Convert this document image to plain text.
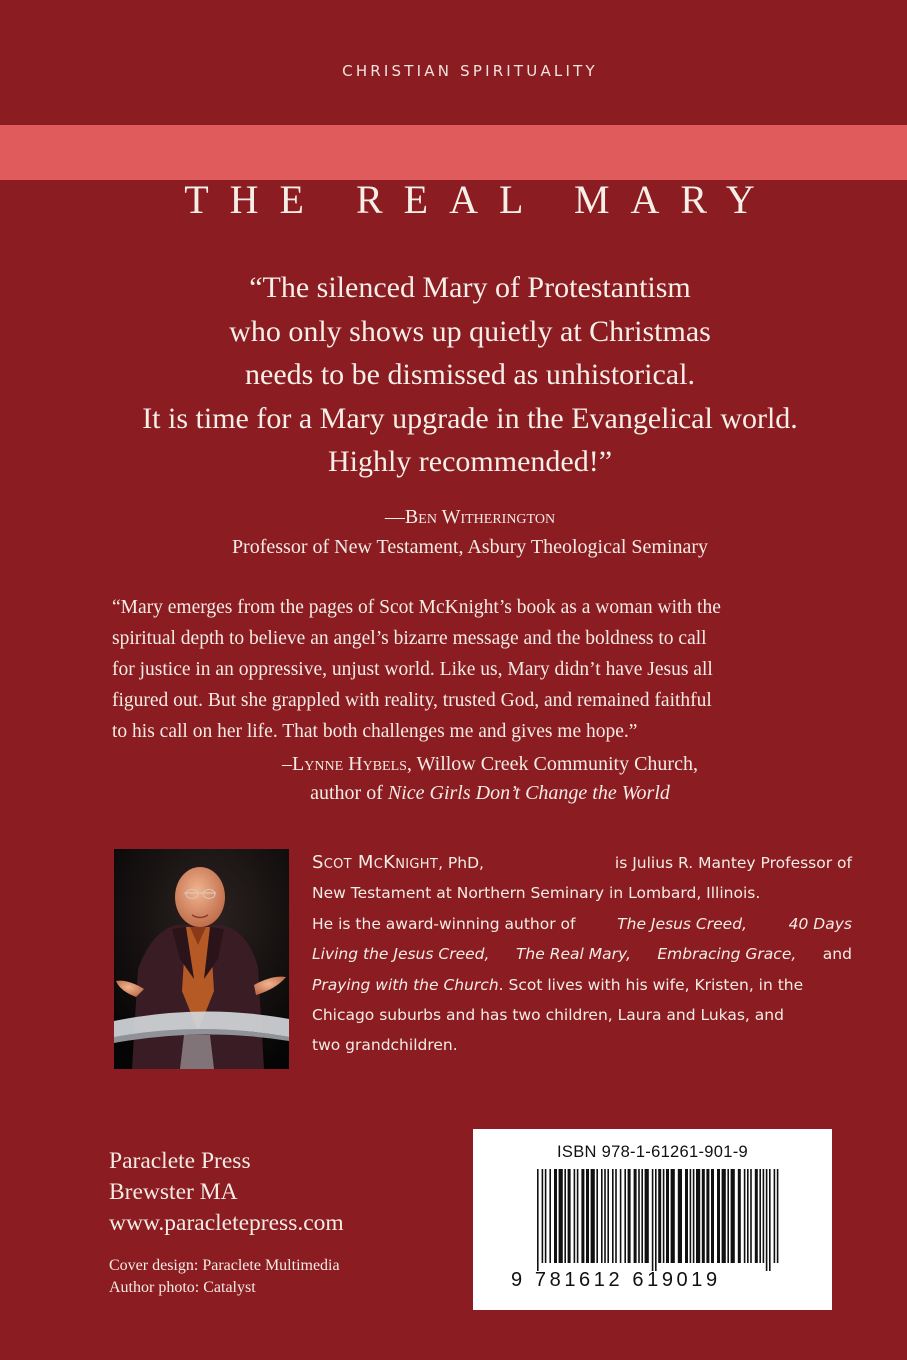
CHRISTIAN SPIRITUALITY
THE REAL MARY
“The silenced Mary of Protestantism
who only shows up quietly at Christmas
needs to be dismissed as unhistorical.
It is time for a Mary upgrade in the Evangelical world.
Highly recommended!”
—Ben Witherington
Professor of New Testament, Asbury Theological Seminary
“Mary emerges from the pages of Scot McKnight’s book as a woman with the
spiritual depth to believe an angel’s bizarre message and the boldness to call
for justice in an oppressive, unjust world. Like us, Mary didn’t have Jesus all
figured out. But she grappled with reality, trusted God, and remained faithful
to his call on her life. That both challenges me and gives me hope.”
–Lynne Hybels, Willow Creek Community Church,
author of Nice Girls Don’t Change the World
Scot McKnight, PhD,	is Julius R. Mantey Professor of
New Testament at Northern Seminary in Lombard, Illinois.
He is the award-winning author of	The Jesus Creed,	40 Days
Living the Jesus Creed, The Real Mary, Embracing Grace, and
Praying with the Church. Scot lives with his wife, Kristen, in the
Chicago suburbs and has two children, Laura and Lukas, and
two grandchildren.
Paraclete Press
Brewster MA
www.paracletepress.com
Cover design: Paraclete Multimedia
Author photo: Catalyst
ISBN 978-1-61261-901-9
9 781612 619019
